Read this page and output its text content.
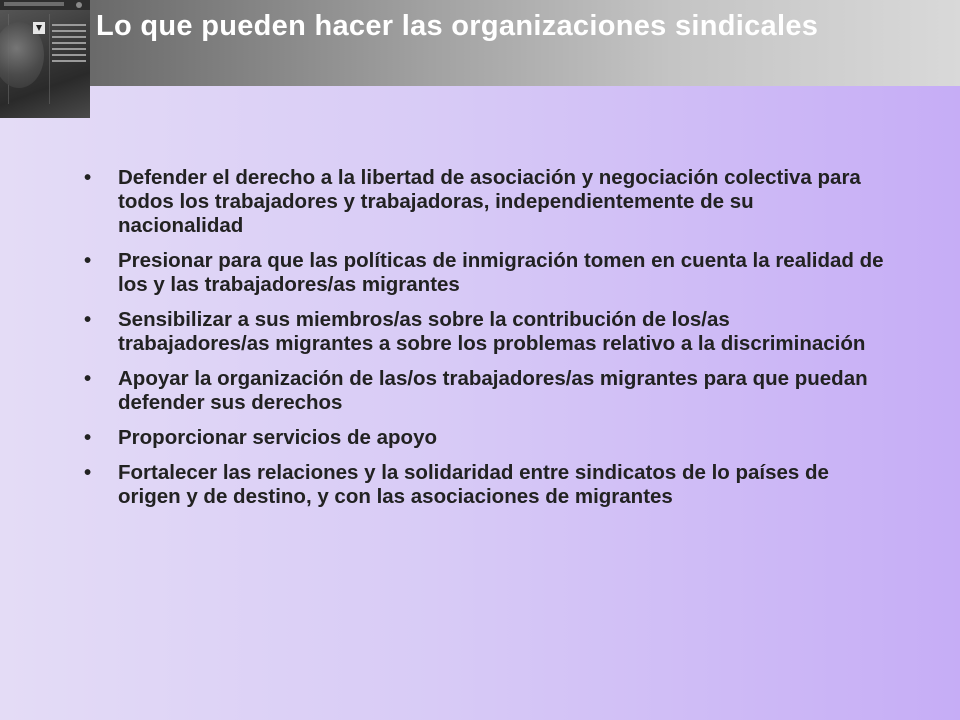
Lo que pueden hacer las organizaciones sindicales
• Defender el derecho a la libertad de asociación y negociación colectiva para todos los trabajadores y trabajadoras, independientemente de su nacionalidad
• Presionar para que las políticas de inmigración tomen en cuenta la realidad de los y las trabajadores/as migrantes
• Sensibilizar a sus miembros/as sobre la contribución de los/as trabajadores/as migrantes a sobre los problemas relativo a la discriminación
• Apoyar la organización de las/os trabajadores/as migrantes para que puedan defender sus derechos
• Proporcionar servicios de apoyo
• Fortalecer las relaciones y la solidaridad entre sindicatos de lo países de origen y de destino, y con las asociaciones de migrantes
